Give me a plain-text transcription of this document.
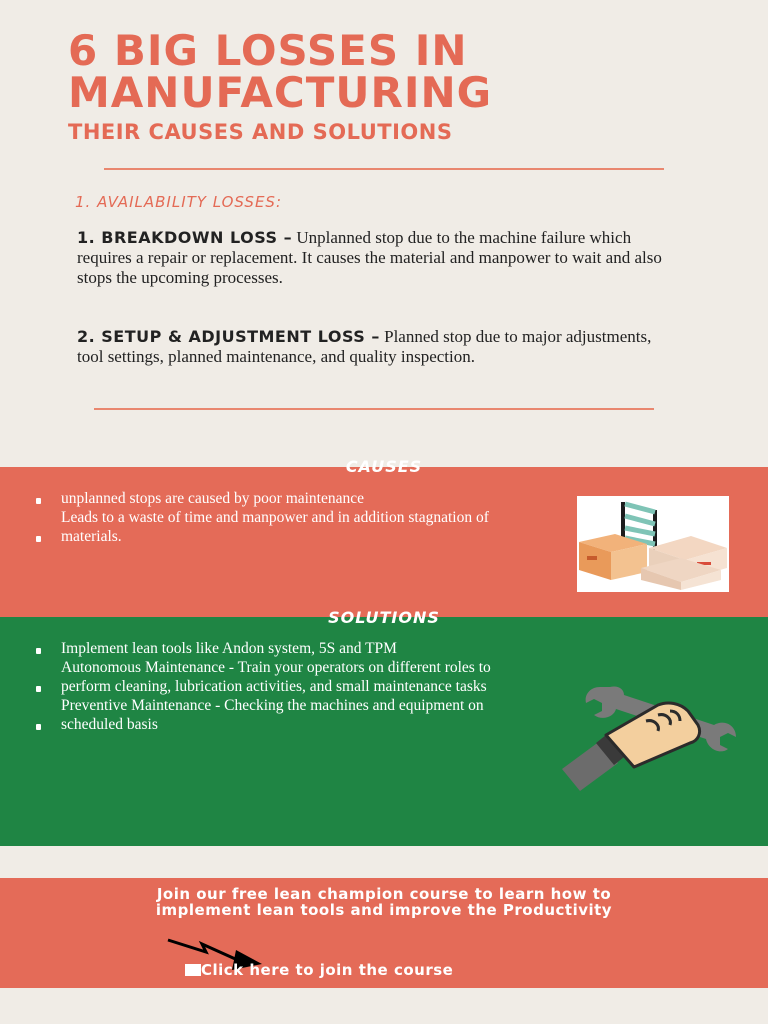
6 BIG LOSSES IN
MANUFACTURING
THEIR CAUSES AND SOLUTIONS
1. AVAILABILITY LOSSES:
1. BREAKDOWN LOSS – Unplanned stop due to the machine failure which requires a repair or replacement. It causes the material and manpower to wait and also stops the upcoming processes.
2. SETUP & ADJUSTMENT LOSS – Planned stop due to major adjustments, tool settings, planned maintenance, and quality inspection.
CAUSES
unplanned stops are caused by poor maintenance
Leads to a waste of time and manpower and in addition stagnation of materials.
SOLUTIONS
Implement lean tools like Andon system, 5S and TPM
Autonomous Maintenance - Train your operators on different roles to perform cleaning, lubrication activities, and small maintenance tasks
Preventive Maintenance - Checking the machines and equipment on scheduled basis
Join our free lean champion course to learn how to
implement lean tools and improve the Productivity
Click here to join the course
